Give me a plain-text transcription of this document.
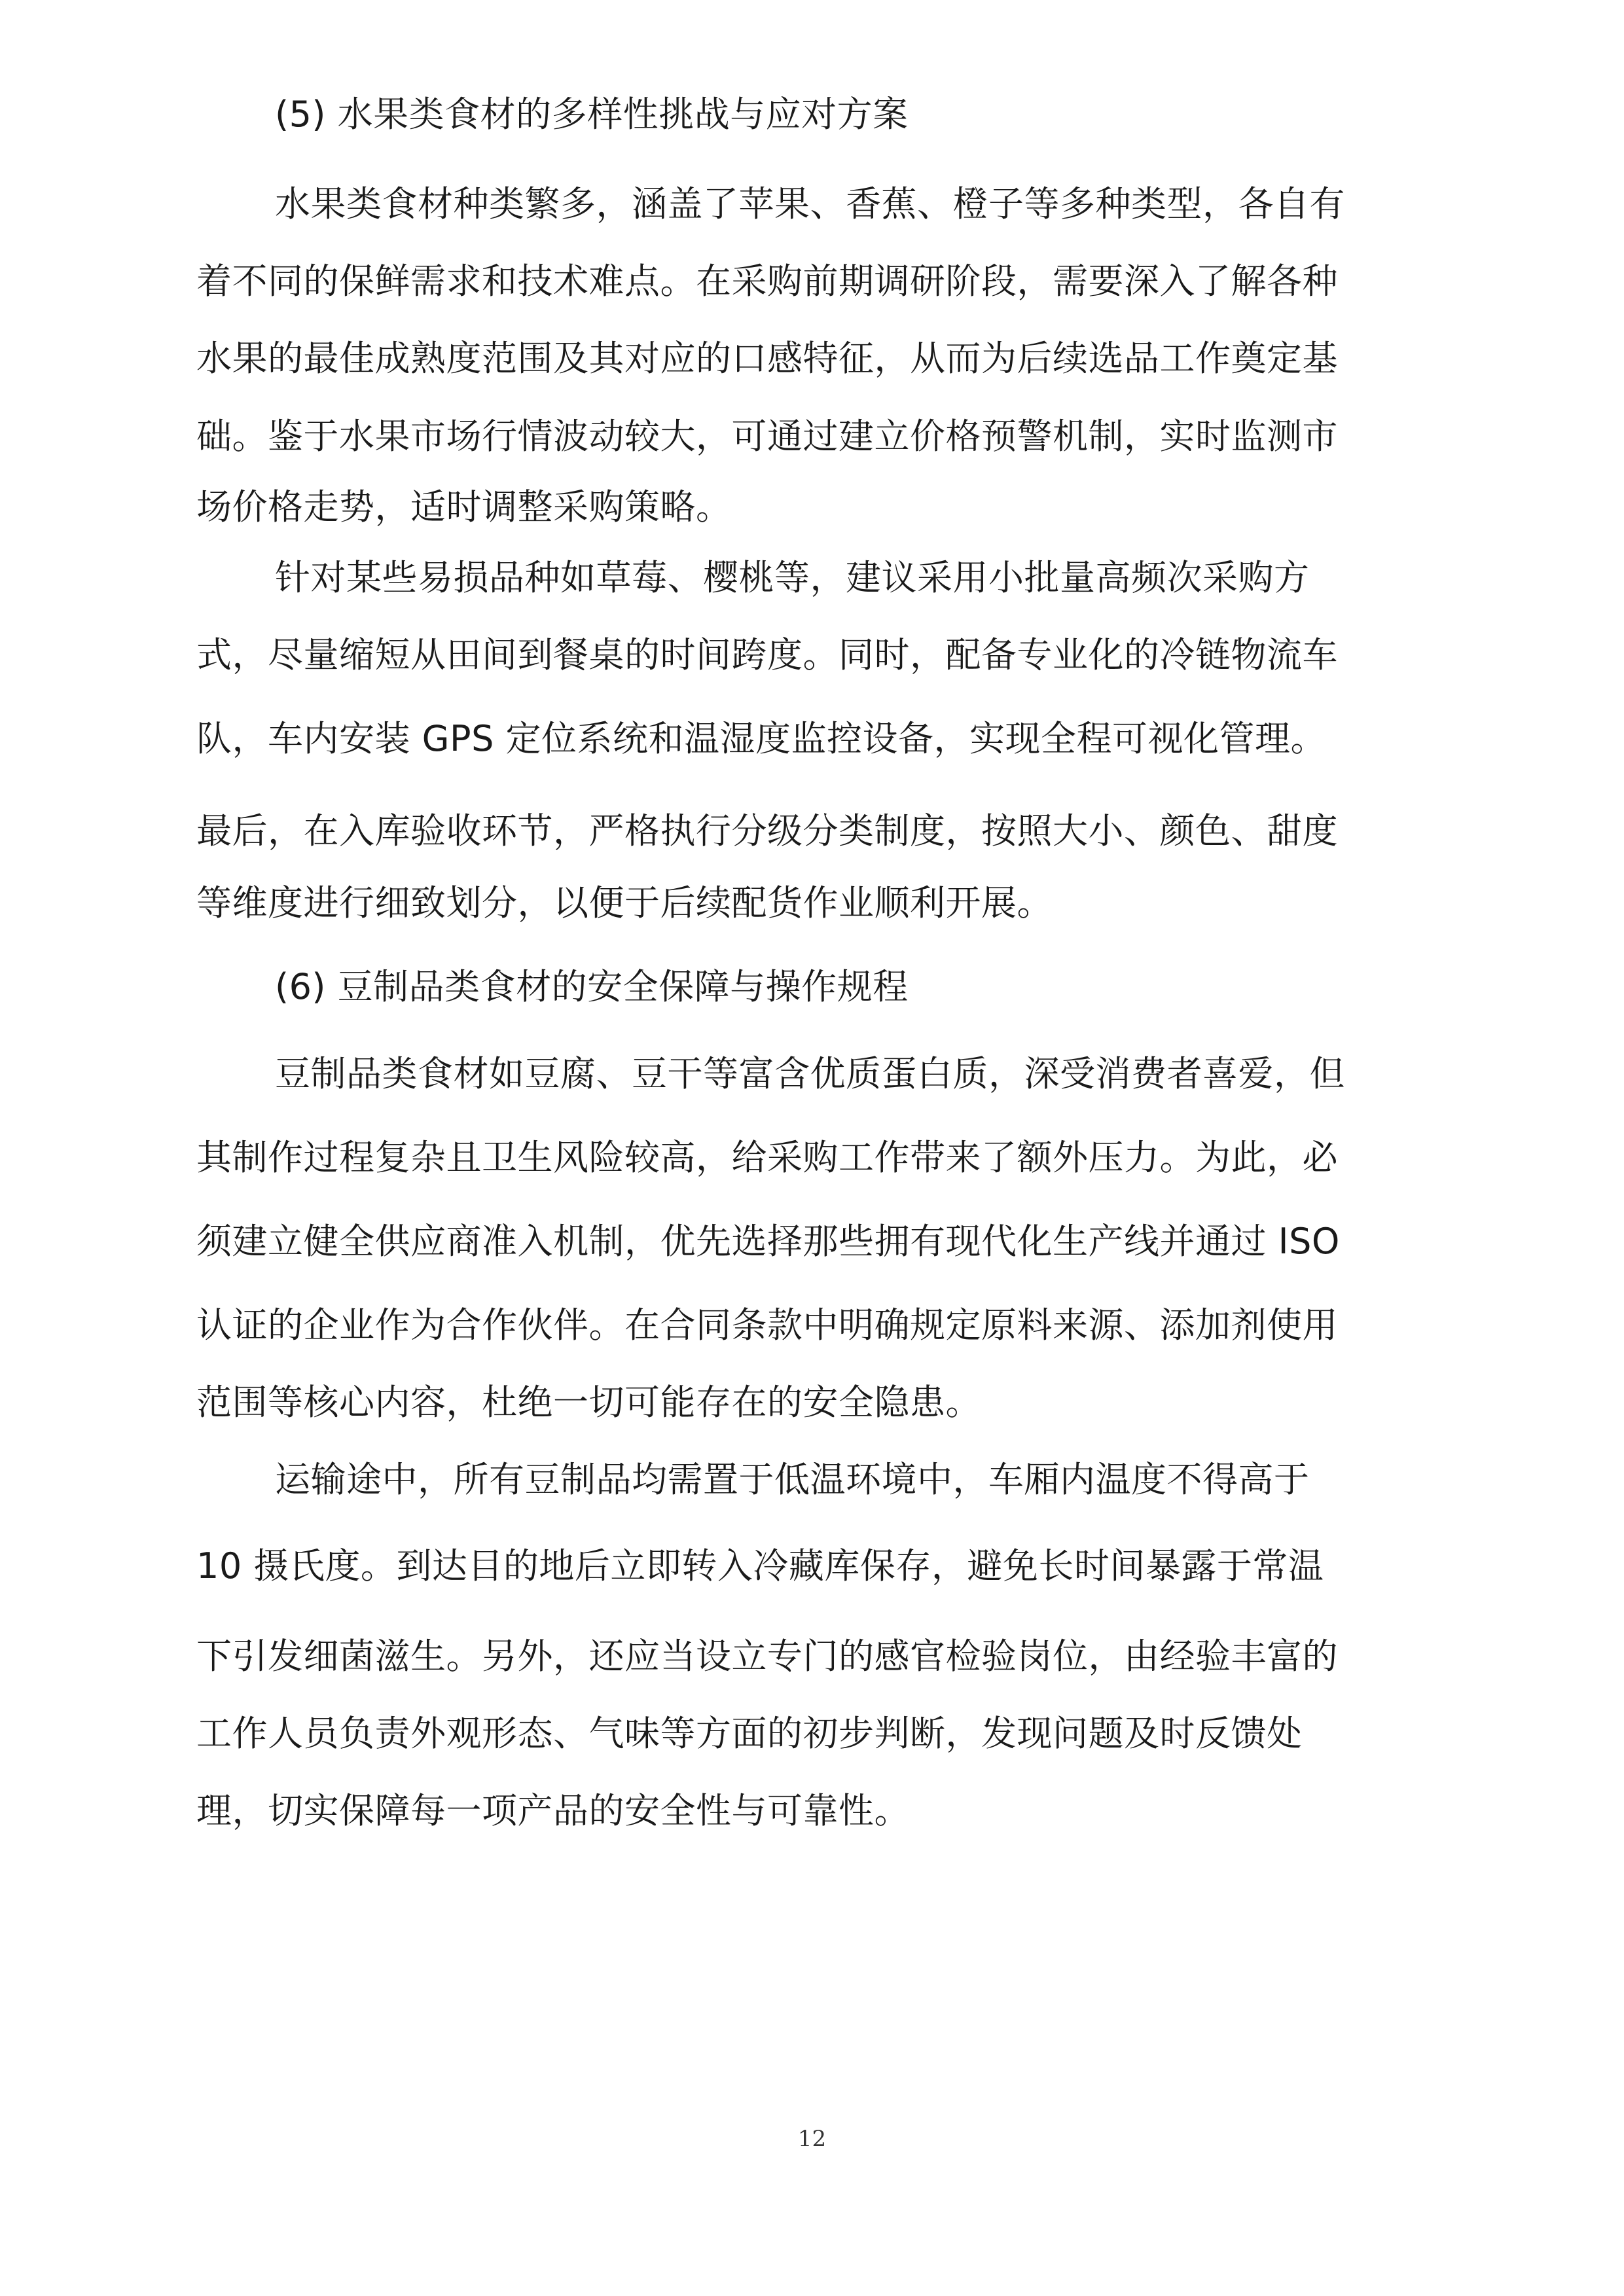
(5) 水果类食材的多样性挑战与应对方案
水果类食材种类繁多，涵盖了苹果、香蕉、橙子等多种类型，各自有
着不同的保鲜需求和技术难点。在采购前期调研阶段，需要深入了解各种
水果的最佳成熟度范围及其对应的口感特征，从而为后续选品工作奠定基
础。鉴于水果市场行情波动较大，可通过建立价格预警机制，实时监测市
场价格走势，适时调整采购策略。
针对某些易损品种如草莓、樱桃等，建议采用小批量高频次采购方
式，尽量缩短从田间到餐桌的时间跨度。同时，配备专业化的冷链物流车
队，车内安装 GPS 定位系统和温湿度监控设备，实现全程可视化管理。
最后，在入库验收环节，严格执行分级分类制度，按照大小、颜色、甜度
等维度进行细致划分，以便于后续配货作业顺利开展。
(6) 豆制品类食材的安全保障与操作规程
豆制品类食材如豆腐、豆干等富含优质蛋白质，深受消费者喜爱，但
其制作过程复杂且卫生风险较高，给采购工作带来了额外压力。为此，必
须建立健全供应商准入机制，优先选择那些拥有现代化生产线并通过 ISO
认证的企业作为合作伙伴。在合同条款中明确规定原料来源、添加剂使用
范围等核心内容，杜绝一切可能存在的安全隐患。
运输途中，所有豆制品均需置于低温环境中，车厢内温度不得高于
10 摄氏度。到达目的地后立即转入冷藏库保存，避免长时间暴露于常温
下引发细菌滋生。另外，还应当设立专门的感官检验岗位，由经验丰富的
工作人员负责外观形态、气味等方面的初步判断，发现问题及时反馈处
理，切实保障每一项产品的安全性与可靠性。
12
